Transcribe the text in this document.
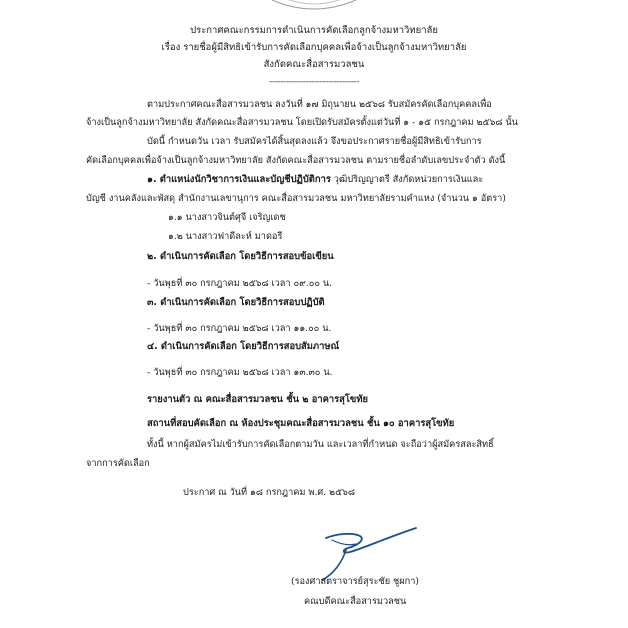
ประกาศคณะกรรมการดำเนินการคัดเลือกลูกจ้างมหาวิทยาลัย
เรื่อง รายชื่อผู้มีสิทธิเข้ารับการคัดเลือกบุคคลเพื่อจ้างเป็นลูกจ้างมหาวิทยาลัย
สังกัดคณะสื่อสารมวลชน
--------------------------------
ตามประกาศคณะสื่อสารมวลชน ลงวันที่ ๑๗ มิถุนายน ๒๕๖๘ รับสมัครคัดเลือกบุคคลเพื่อ
จ้างเป็นลูกจ้างมหาวิทยาลัย สังกัดคณะสื่อสารมวลชน โดยเปิดรับสมัครตั้งแต่วันที่ ๑ - ๑๕ กรกฎาคม ๒๕๖๘ นั้น
บัดนี้ กำหนดวัน เวลา รับสมัครได้สิ้นสุดลงแล้ว จึงขอประกาศรายชื่อผู้มีสิทธิเข้ารับการ
คัดเลือกบุคคลเพื่อจ้างเป็นลูกจ้างมหาวิทยาลัย สังกัดคณะสื่อสารมวลชน ตามรายชื่อลำดับเลขประจำตัว ดังนี้
๑. ตำแหน่งนักวิชาการเงินและบัญชีปฏิบัติการ วุฒิปริญญาตรี สังกัดหน่วยการเงินและ
บัญชี งานคลังและพัสดุ สำนักงานเลขานุการ คณะสื่อสารมวลชน มหาวิทยาลัยรามคำแหง (จำนวน ๑ อัตรา)
๑.๑ นางสาวจินต์ศุจี เจริญเดช
๑.๒ นางสาวฟาดีละห์ มาดอรี
๒. ดำเนินการคัดเลือก โดยวิธีการสอบข้อเขียน
- วันพุธที่ ๓๐ กรกฎาคม ๒๕๖๘ เวลา ๐๙.๐๐ น.
๓. ดำเนินการคัดเลือก โดยวิธีการสอบปฏิบัติ
- วันพุธที่ ๓๐ กรกฎาคม ๒๕๖๘ เวลา ๑๑.๐๐ น.
๔. ดำเนินการคัดเลือก โดยวิธีการสอบสัมภาษณ์
- วันพุธที่ ๓๐ กรกฎาคม ๒๕๖๘ เวลา ๑๓.๓๐ น.
รายงานตัว ณ คณะสื่อสารมวลชน ชั้น ๒ อาคารสุโขทัย
สถานที่สอบคัดเลือก ณ ห้องประชุมคณะสื่อสารมวลชน ชั้น ๑๐ อาคารสุโขทัย
ทั้งนี้ หากผู้สมัครไม่เข้ารับการคัดเลือกตามวัน และเวลาที่กำหนด จะถือว่าผู้สมัครสละสิทธิ์
จากการคัดเลือก
ประกาศ ณ วันที่ ๑๘ กรกฎาคม พ.ศ. ๒๕๖๘
(รองศาสตราจารย์สุระชัย ชูผกา)
คณบดีคณะสื่อสารมวลชน
